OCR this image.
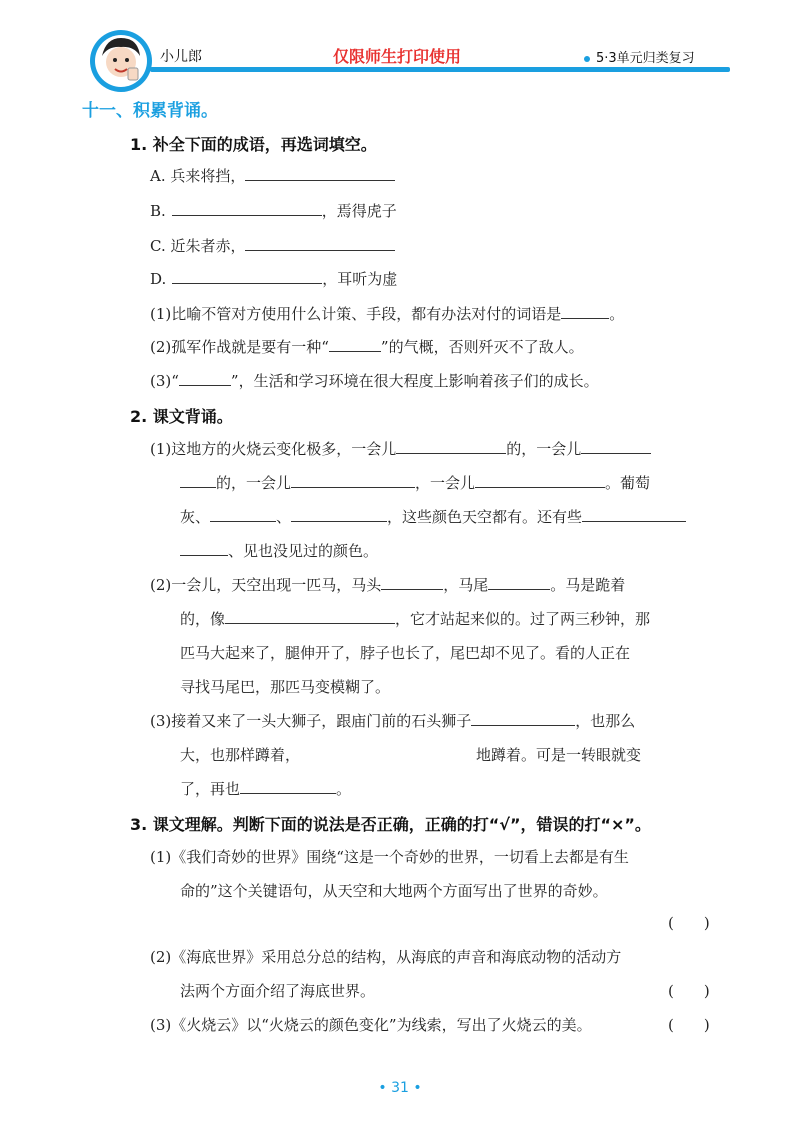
小儿郎	仅限师生打印使用	5·3单元归类复习
十一、积累背诵。
1. 补全下面的成语，再选词填空。
A. 兵来将挡，
B.	，焉得虎子
C. 近朱者赤，
D.	，耳听为虚
(1)比喻不管对方使用什么计策、手段，都有办法对付的词语是	。
(2)孤军作战就是要有一种“	”的气概，否则歼灭不了敌人。
(3)“	”，生活和学习环境在很大程度上影响着孩子们的成长。
2. 课文背诵。
(1)这地方的火烧云变化极多，一会儿	的，一会儿
的，一会儿	，一会儿	。葡萄
灰、	、	，这些颜色天空都有。还有些
、见也没见过的颜色。
(2)一会儿，天空出现一匹马，马头	，马尾	。马是跪着
的，像	，它才站起来似的。过了两三秒钟，那
匹马大起来了，腿伸开了，脖子也长了，尾巴却不见了。看的人正在
寻找马尾巴，那匹马变模糊了。
(3)接着又来了一头大狮子，跟庙门前的石头狮子	，也那么
大，也那样蹲着，	地蹲着。可是一转眼就变
了，再也	。
3. 课文理解。判断下面的说法是否正确，正确的打“√”，错误的打“×”。
(1)《我们奇妙的世界》围绕“这是一个奇妙的世界，一切看上去都是有生
命的”这个关键语句，从天空和大地两个方面写出了世界的奇妙。
(　　)
(2)《海底世界》采用总分总的结构，从海底的声音和海底动物的活动方
法两个方面介绍了海底世界。	(　　)
(3)《火烧云》以“火烧云的颜色变化”为线索，写出了火烧云的美。	(　　)
• 31 •
